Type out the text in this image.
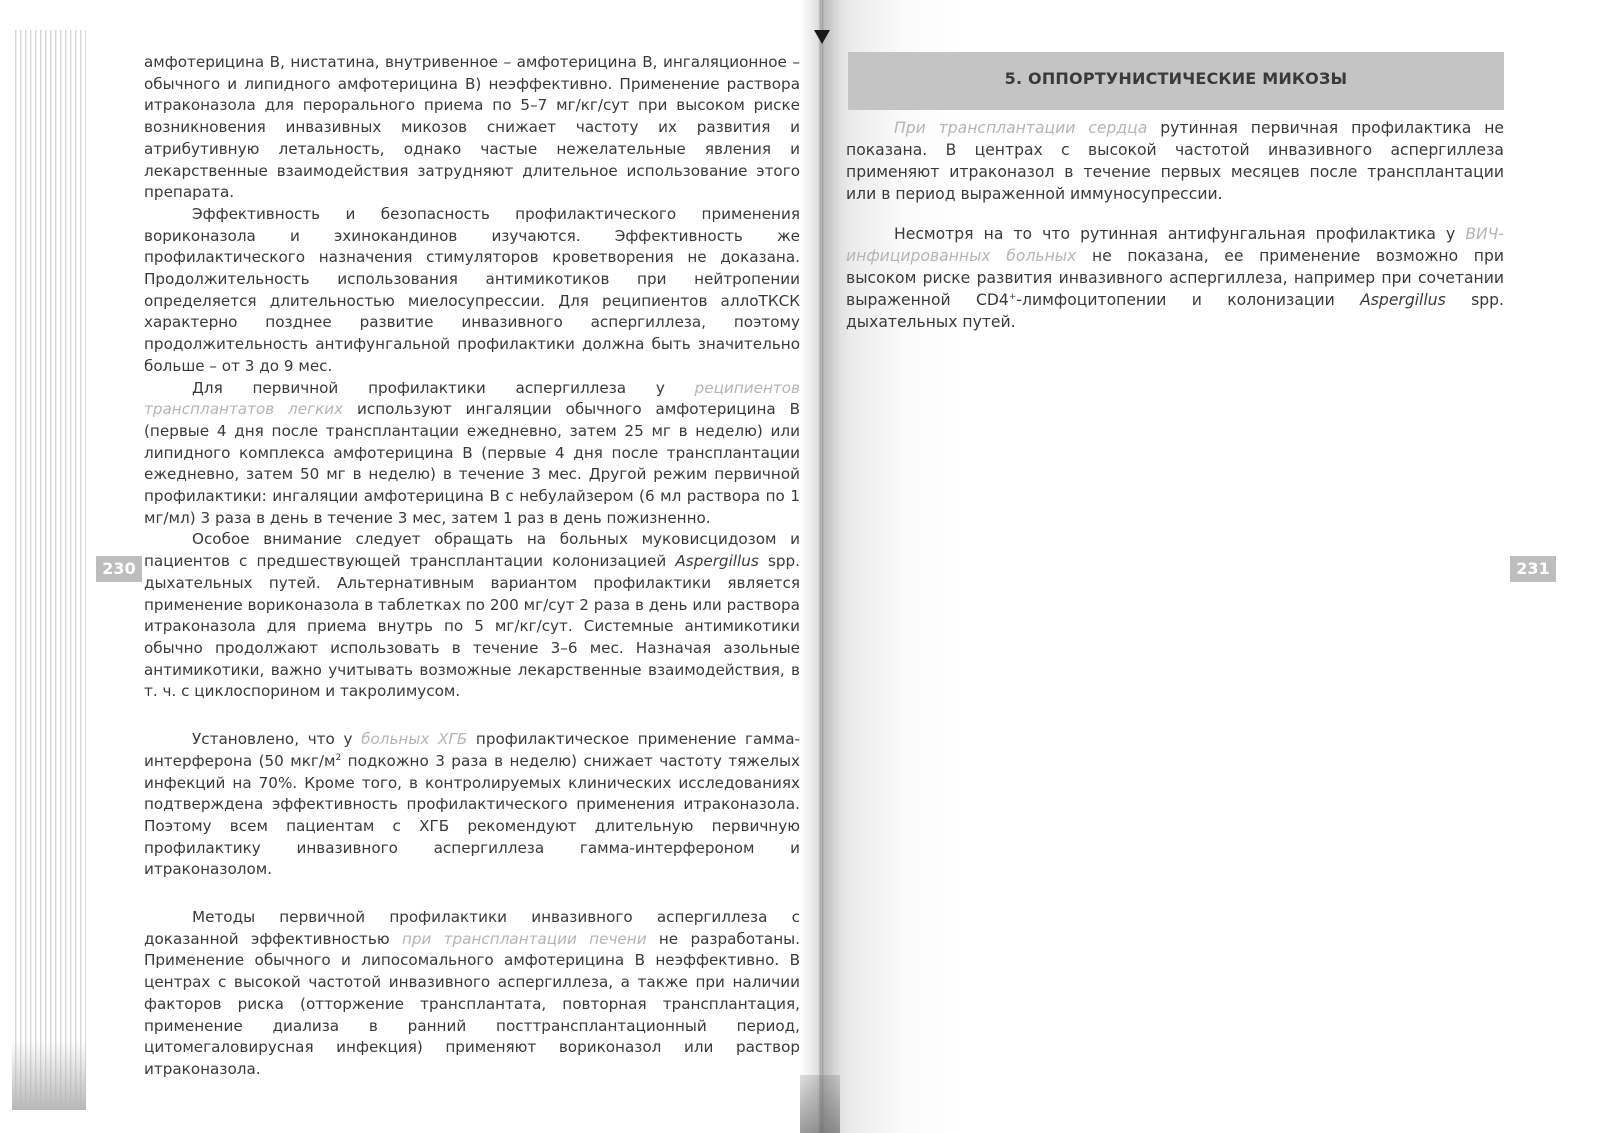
230	231

амфотерицина В, нистатина, внутривенное – амфотерицина В, ингаляционное – обычного и липидного амфотерицина В) неэффективно. Применение раствора итраконазола для перорального приема по 5–7 мг/кг/сут при высоком риске возникновения инвазивных микозов снижает частоту их развития и атрибутивную летальность, однако частые нежелательные явления и лекарственные взаимодействия затрудняют длительное использование этого препарата.

Эффективность и безопасность профилактического применения вориконазола и эхинокандинов изучаются. Эффективность же профилактического назначения стимуляторов кроветворения не доказана. Продолжительность использования антимикотиков при нейтропении определяется длительностью миелосупрессии. Для реципиентов аллоТКСК характерно позднее развитие инвазивного аспергиллеза, поэтому продолжительность антифунгальной профилактики должна быть значительно больше – от 3 до 9 мес.

Для первичной профилактики аспергиллеза у реципиентов трансплантатов легких используют ингаляции обычного амфотерицина В (первые 4 дня после трансплантации ежедневно, затем 25 мг в неделю) или липидного комплекса амфотерицина В (первые 4 дня после трансплантации ежедневно, затем 50 мг в неделю) в течение 3 мес. Другой режим первичной профилактики: ингаляции амфотерицина В с небулайзером (6 мл раствора по 1 мг/мл) 3 раза в день в течение 3 мес, затем 1 раз в день пожизненно.

Особое внимание следует обращать на больных муковисцидозом и пациентов с предшествующей трансплантации колонизацией Aspergillus spp. дыхательных путей. Альтернативным вариантом профилактики является применение вориконазола в таблетках по 200 мг/сут 2 раза в день или раствора итраконазола для приема внутрь по 5 мг/кг/сут. Системные антимикотики обычно продолжают использовать в течение 3–6 мес. Назначая азольные антимикотики, важно учитывать возможные лекарственные взаимодействия, в т. ч. с циклоспорином и такролимусом.

Установлено, что у больных ХГБ профилактическое применение гамма-интерферона (50 мкг/$м^2$ подкожно 3 раза в неделю) снижает частоту тяжелых инфекций на 70%. Кроме того, в контролируемых клинических исследованиях подтверждена эффективность профилактического применения итраконазола. Поэтому всем пациентам с ХГБ рекомендуют длительную первичную профилактику инвазивного аспергиллеза гамма-интерфероном и итраконазолом.

Методы первичной профилактики инвазивного аспергиллеза с доказанной эффективностью при трансплантации печени не разработаны. Применение обычного и липосомального амфотерицина В неэффективно. В центрах с высокой частотой инвазивного аспергиллеза, а также при наличии факторов риска (отторжение трансплантата, повторная трансплантация, применение диализа в ранний посттрансплантационный период, цитомегаловирусная инфекция) применяют вориконазол или раствор итраконазола.

5. ОППОРТУНИСТИЧЕСКИЕ МИКОЗЫ

При трансплантации сердца рутинная первичная профилактика не показана. В центрах с высокой частотой инвазивного аспергиллеза применяют итраконазол в течение первых месяцев после трансплантации или в период выраженной иммуносупрессии.

Несмотря на то что рутинная антифунгальная профилактика у ВИЧ-инфицированных больных не показана, ее применение возможно при высоком риске развития инвазивного аспергиллеза, например при сочетании выраженной CD4+-лимфоцитопении и колонизации Aspergillus spp. дыхательных путей.
